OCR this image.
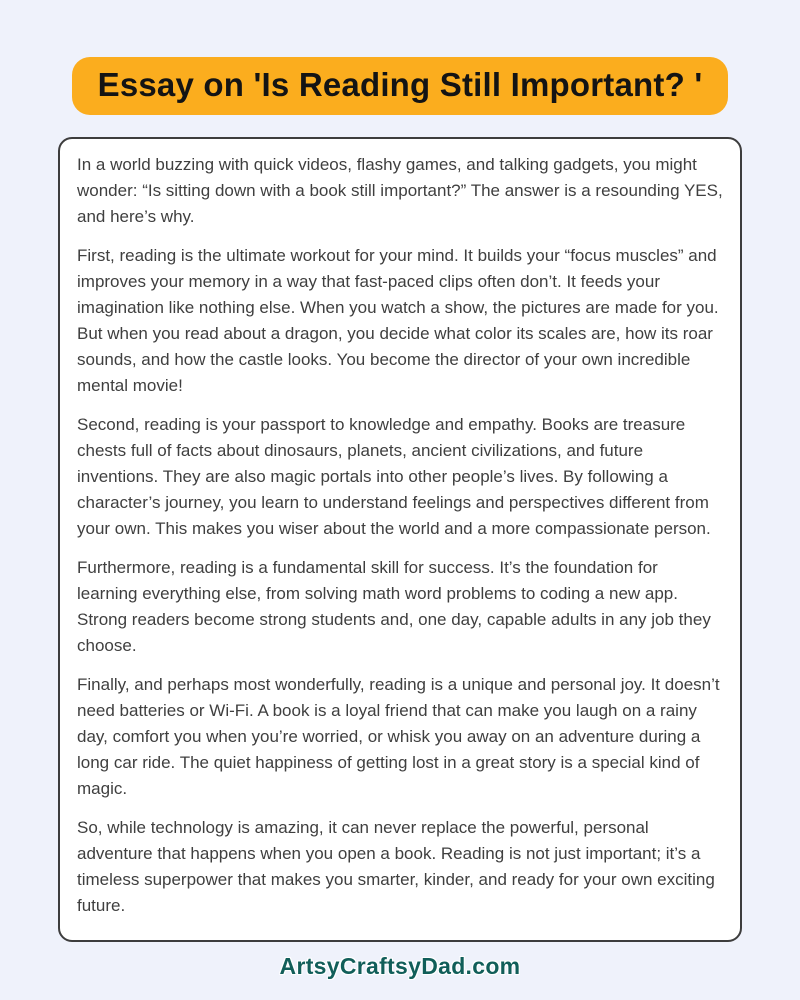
Essay on 'Is Reading Still Important? '

In a world buzzing with quick videos, flashy games, and talking gadgets, you might wonder: “Is sitting down with a book still important?” The answer is a resounding YES, and here’s why.

First, reading is the ultimate workout for your mind. It builds your “focus muscles” and improves your memory in a way that fast-paced clips often don’t. It feeds your imagination like nothing else. When you watch a show, the pictures are made for you. But when you read about a dragon, you decide what color its scales are, how its roar sounds, and how the castle looks. You become the director of your own incredible mental movie!

Second, reading is your passport to knowledge and empathy. Books are treasure chests full of facts about dinosaurs, planets, ancient civilizations, and future inventions. They are also magic portals into other people’s lives. By following a character’s journey, you learn to understand feelings and perspectives different from your own. This makes you wiser about the world and a more compassionate person.

Furthermore, reading is a fundamental skill for success. It’s the foundation for learning everything else, from solving math word problems to coding a new app. Strong readers become strong students and, one day, capable adults in any job they choose.

Finally, and perhaps most wonderfully, reading is a unique and personal joy. It doesn’t need batteries or Wi-Fi. A book is a loyal friend that can make you laugh on a rainy day, comfort you when you’re worried, or whisk you away on an adventure during a long car ride. The quiet happiness of getting lost in a great story is a special kind of magic.

So, while technology is amazing, it can never replace the powerful, personal adventure that happens when you open a book. Reading is not just important; it’s a timeless superpower that makes you smarter, kinder, and ready for your own exciting future.

ArtsyCraftsyDad.com
